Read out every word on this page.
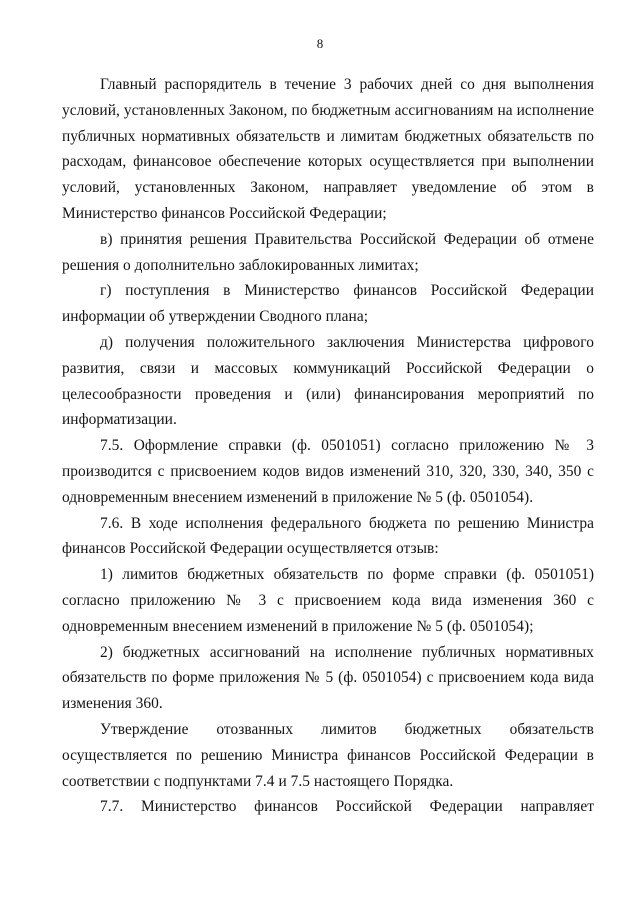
8

Главный распорядитель в течение 3 рабочих дней со дня выполнения условий, установленных Законом, по бюджетным ассигнованиям на исполнение публичных нормативных обязательств и лимитам бюджетных обязательств по расходам, финансовое обеспечение которых осуществляется при выполнении условий, установленных Законом, направляет уведомление об этом в Министерство финансов Российской Федерации;

в) принятия решения Правительства Российской Федерации об отмене решения о дополнительно заблокированных лимитах;

г) поступления в Министерство финансов Российской Федерации информации об утверждении Сводного плана;

д) получения положительного заключения Министерства цифрового развития, связи и массовых коммуникаций Российской Федерации о целесообразности проведения и (или) финансирования мероприятий по информатизации.

7.5. Оформление справки (ф. 0501051) согласно приложению № 3 производится с присвоением кодов видов изменений 310, 320, 330, 340, 350 с одновременным внесением изменений в приложение № 5 (ф. 0501054).

7.6. В ходе исполнения федерального бюджета по решению Министра финансов Российской Федерации осуществляется отзыв:

1) лимитов бюджетных обязательств по форме справки (ф. 0501051) согласно приложению № 3 с присвоением кода вида изменения 360 с одновременным внесением изменений в приложение № 5 (ф. 0501054);

2) бюджетных ассигнований на исполнение публичных нормативных обязательств по форме приложения № 5 (ф. 0501054) с присвоением кода вида изменения 360.

Утверждение отозванных лимитов бюджетных обязательств осуществляется по решению Министра финансов Российской Федерации в соответствии с подпунктами 7.4 и 7.5 настоящего Порядка.

7.7. Министерство финансов Российской Федерации направляет
